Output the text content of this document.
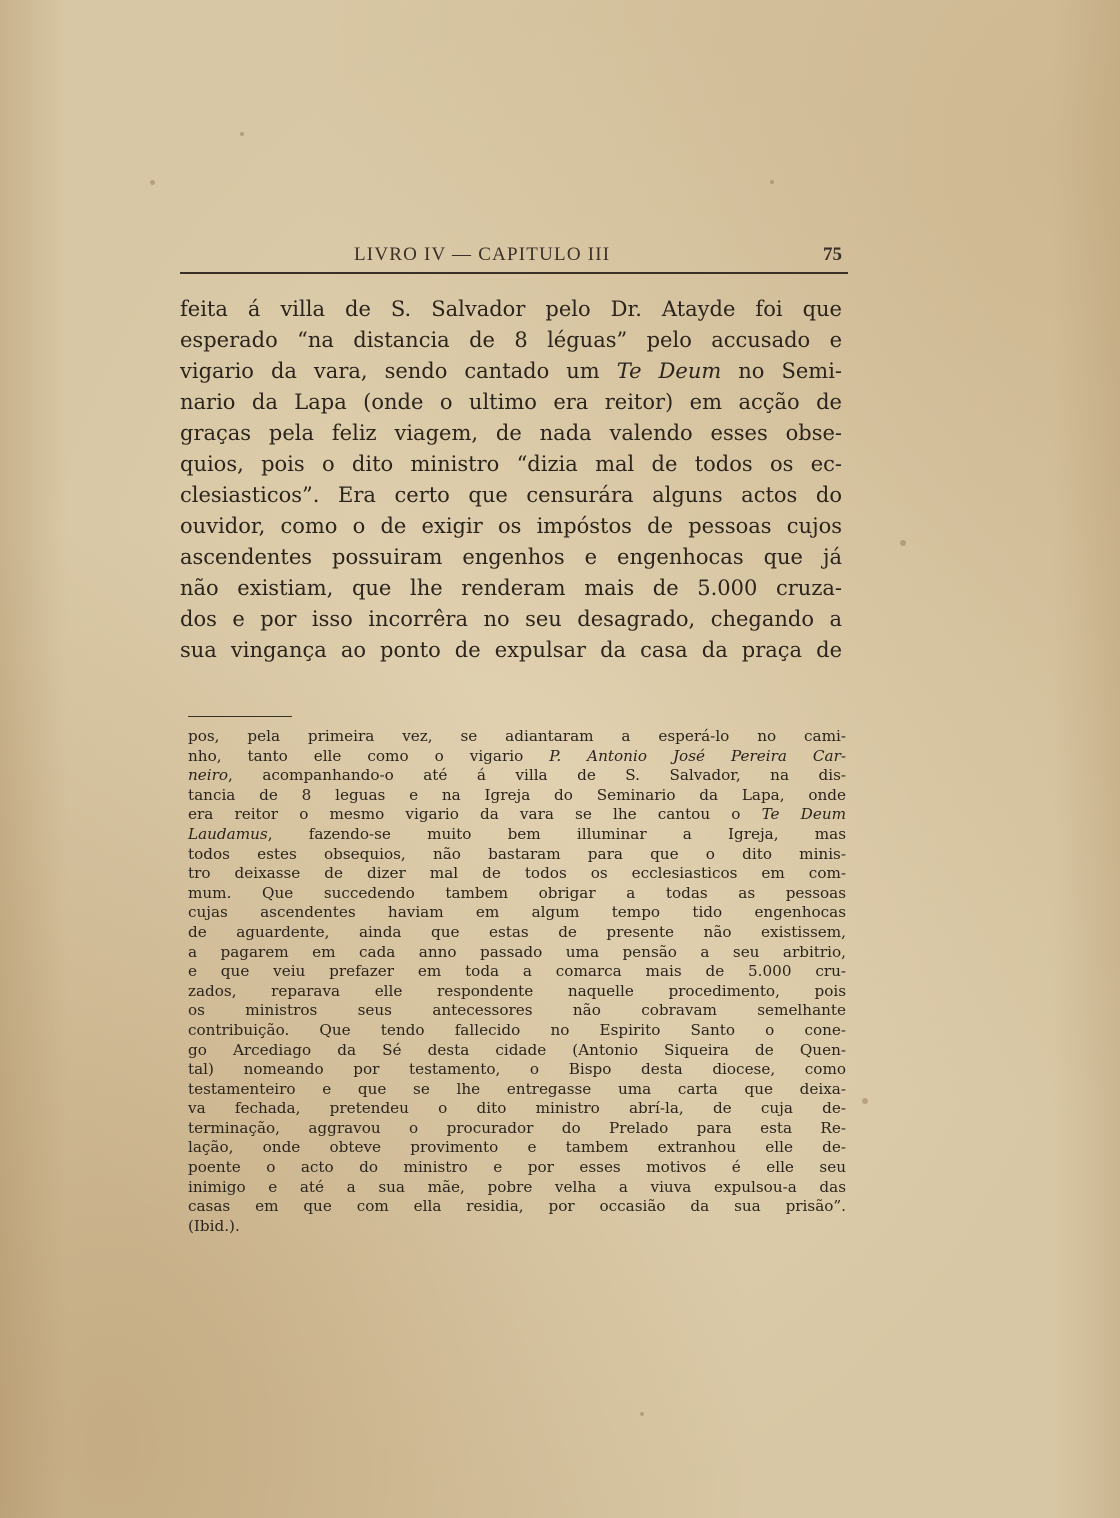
LIVRO IV — CAPITULO III	75
feita á villa de S. Salvador pelo Dr. Atayde foi que
esperado “na distancia de 8 léguas” pelo accusado e
vigario da vara, sendo cantado um Te Deum no Semi-
nario da Lapa (onde o ultimo era reitor) em acção de
graças pela feliz viagem, de nada valendo esses obse-
quios, pois o dito ministro “dizia mal de todos os ec-
clesiasticos”. Era certo que censurára alguns actos do
ouvidor, como o de exigir os impóstos de pessoas cujos
ascendentes possuiram engenhos e engenhocas que já
não existiam, que lhe renderam mais de 5.000 cruza-
dos e por isso incorrêra no seu desagrado, chegando a
sua vingança ao ponto de expulsar da casa da praça de
pos, pela primeira vez, se adiantaram a esperá-lo no cami-
nho, tanto elle como o vigario P. Antonio José Pereira Car-
neiro, acompanhando-o até á villa de S. Salvador, na dis-
tancia de 8 leguas e na Igreja do Seminario da Lapa, onde
era reitor o mesmo vigario da vara se lhe cantou o Te Deum
Laudamus, fazendo-se muito bem illuminar a Igreja, mas
todos estes obsequios, não bastaram para que o dito minis-
tro deixasse de dizer mal de todos os ecclesiasticos em com-
mum. Que succedendo tambem obrigar a todas as pessoas
cujas ascendentes haviam em algum tempo tido engenhocas
de aguardente, ainda que estas de presente não existissem,
a pagarem em cada anno passado uma pensão a seu arbitrio,
e que veiu prefazer em toda a comarca mais de 5.000 cru-
zados, reparava elle respondente naquelle procedimento, pois
os ministros seus antecessores não cobravam semelhante
contribuição. Que tendo fallecido no Espirito Santo o cone-
go Arcediago da Sé desta cidade (Antonio Siqueira de Quen-
tal) nomeando por testamento, o Bispo desta diocese, como
testamenteiro e que se lhe entregasse uma carta que deixa-
va fechada, pretendeu o dito ministro abrí-la, de cuja de-
terminação, aggravou o procurador do Prelado para esta Re-
lação, onde obteve provimento e tambem extranhou elle de-
poente o acto do ministro e por esses motivos é elle seu
inimigo e até a sua mãe, pobre velha a viuva expulsou-a das
casas em que com ella residia, por occasião da sua prisão”.
(Ibid.).
